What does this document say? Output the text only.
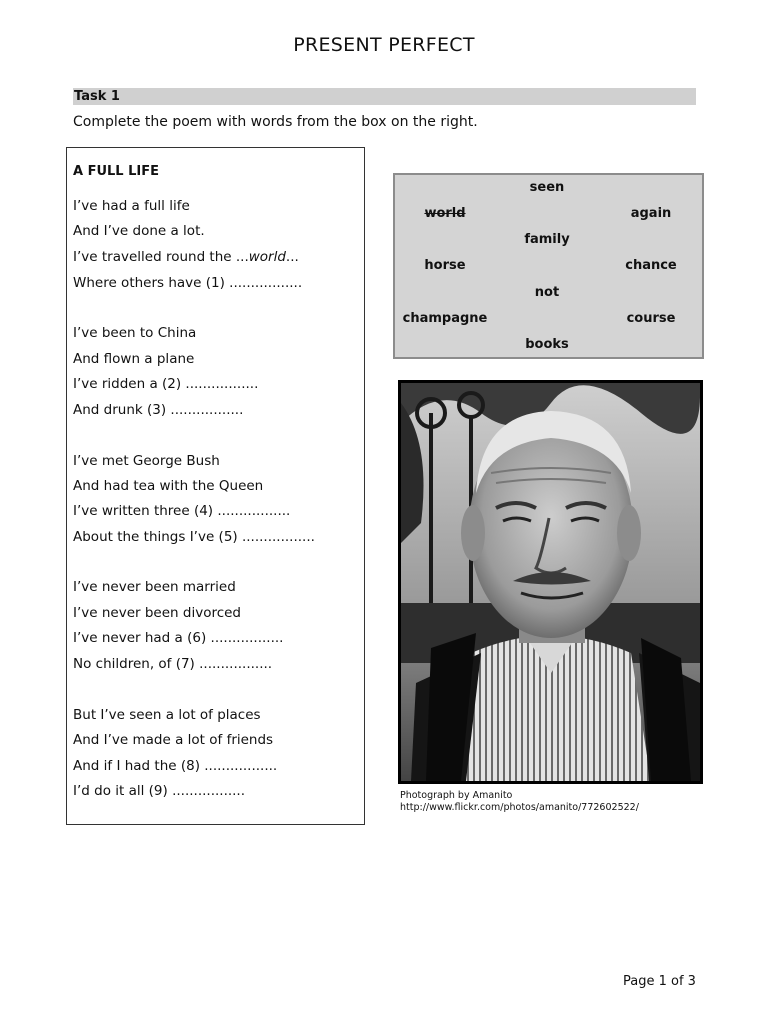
PRESENT PERFECT
Task 1
Complete the poem with words from the box on the right.
A FULL LIFE
I’ve had a full life
And I’ve done a lot.
I’ve travelled round the ...world...
Where others have (1) .................
I’ve been to China
And flown a plane
I’ve ridden a (2) .................
And drunk (3) .................
I’ve met George Bush
And had tea with the Queen
I’ve written three (4) .................
About the things I’ve (5) .................
I’ve never been married
I’ve never been divorced
I’ve never had a (6) .................
No children, of (7) .................
But I’ve seen a lot of places
And I’ve made a lot of friends
And if I had the (8) .................
I’d do it all (9) .................
seen
world	again
family
horse	chance
not
champagne	course
books
Photograph by Amanito
http://www.flickr.com/photos/amanito/772602522/
Page 1 of 3
